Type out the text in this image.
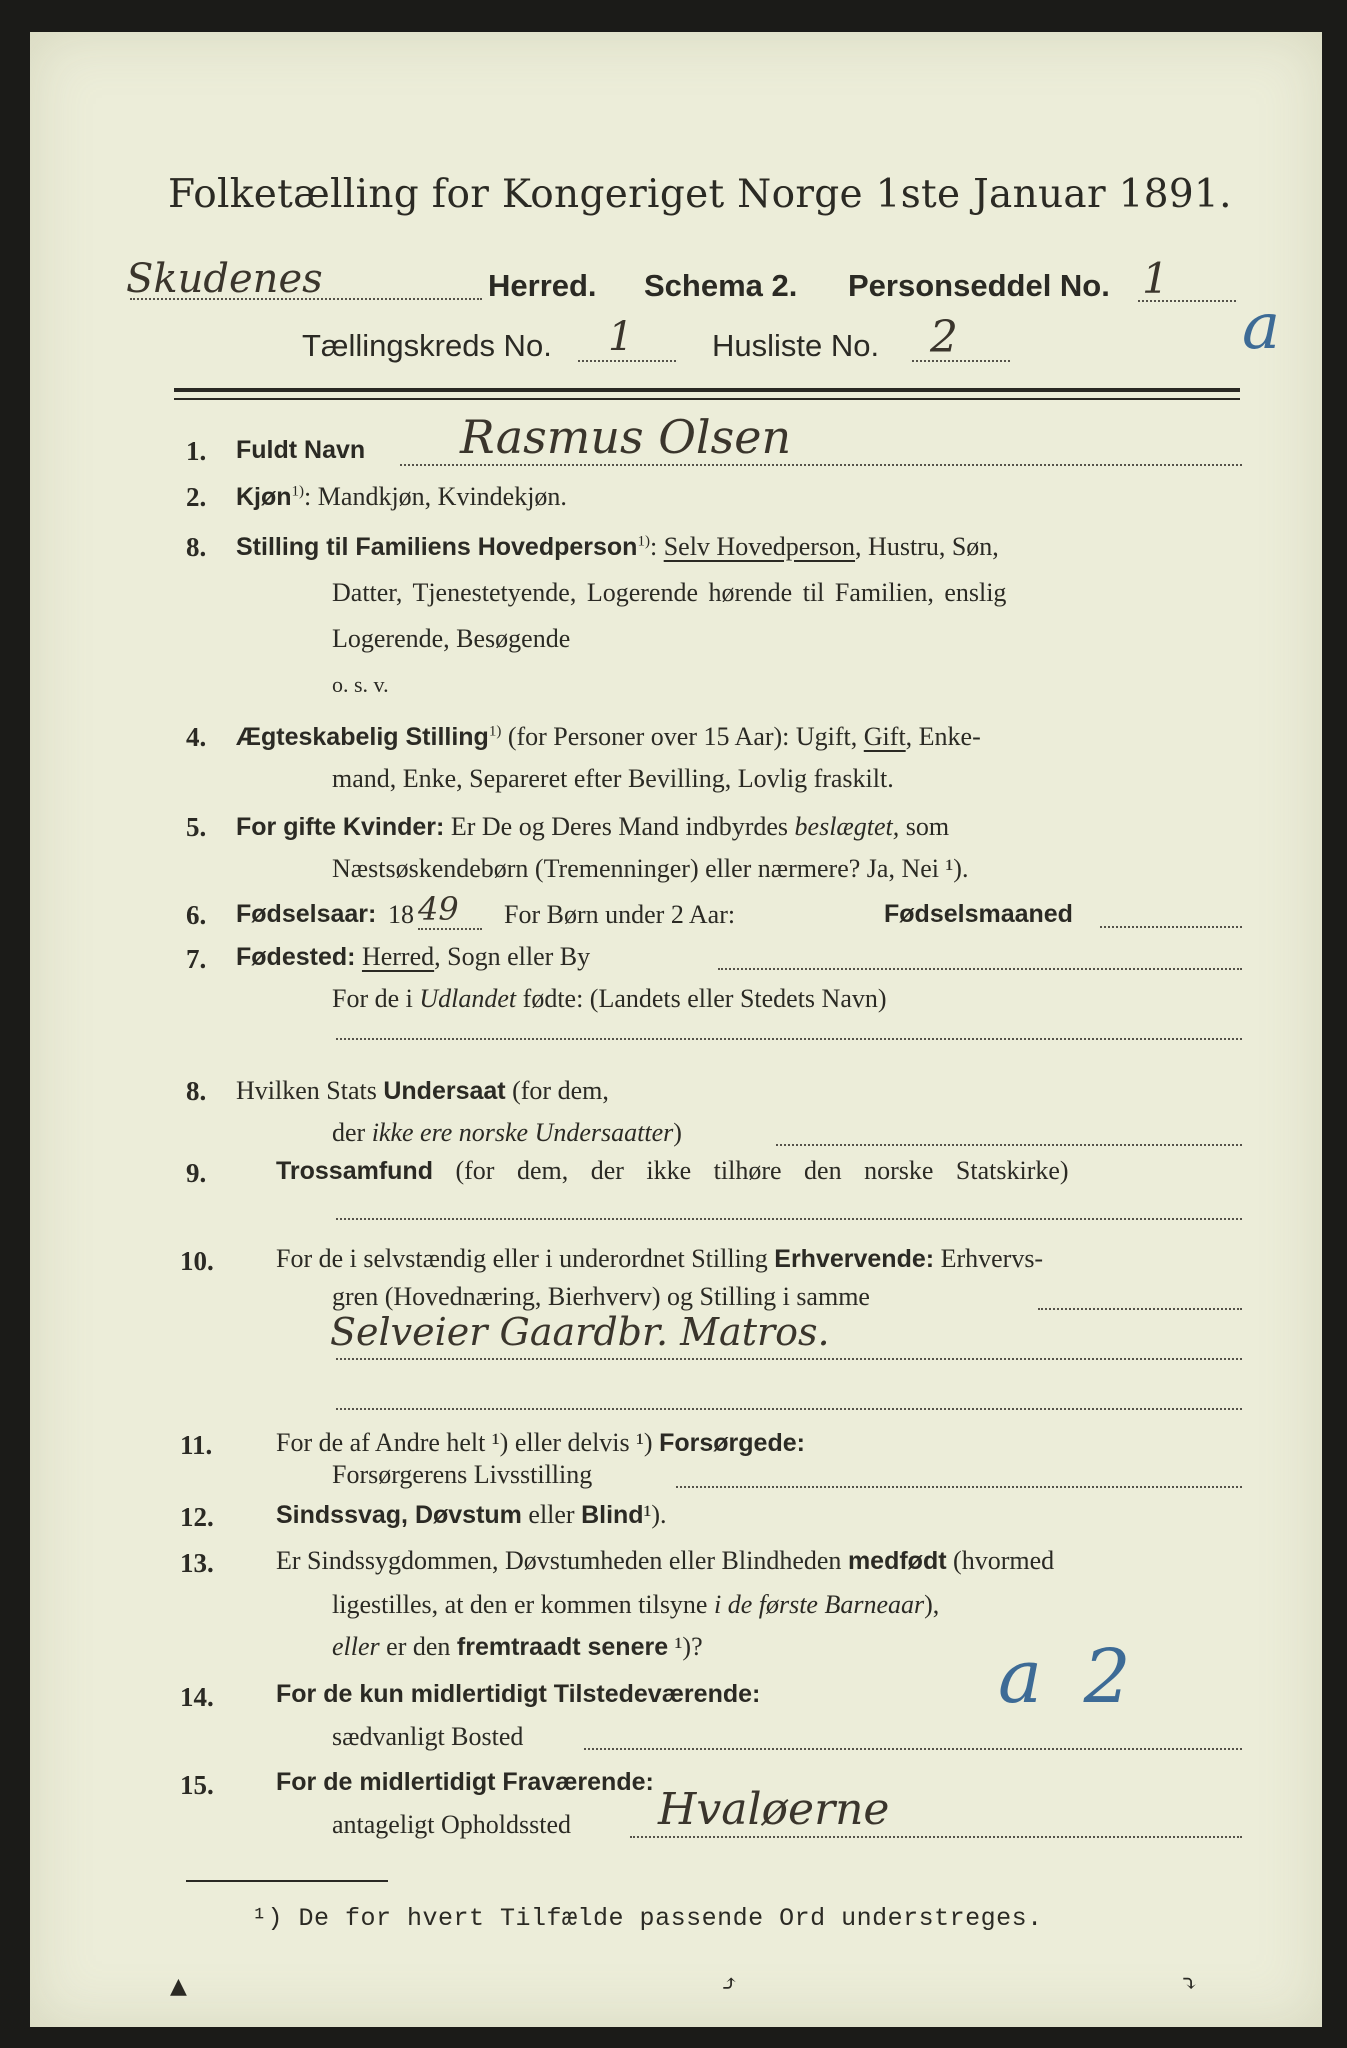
Folketælling for Kongeriget Norge 1ste Januar 1891.
Skudenes	Herred. Schema 2. Personseddel No. 1
Tællingskreds No. 1	Husliste No. 2	a
1. Fuldt Navn Rasmus Olsen
2. Kjøn$^{1)}$: Mandkjøn, Kvindekjøn.
8. Stilling til Familiens Hovedperson$^{1)}$: Selv Hovedperson, Hustru, Søn,
Datter, Tjenestetyende, Logerende hørende til Familien, enslig
Logerende, Besøgende
o. s. v.
4. Ægteskabelig Stilling$^{1)}$ (for Personer over 15 Aar): Ugift, Gift, Enke-
mand, Enke, Separeret efter Bevilling, Lovlig fraskilt.
5. For gifte Kvinder: Er De og Deres Mand indbyrdes beslægtet, som
Næstsøskendebørn (Tremenninger) eller nærmere? Ja, Nei ¹).
6. Fødselsaar: 18 49 For Børn under 2 Aar:	Fødselsmaaned
7. Fødested: Herred, Sogn eller By
For de i Udlandet fødte: (Landets eller Stedets Navn)
8. Hvilken Stats Undersaat (for dem,
der ikke ere norske Undersaatter)
9.	Trossamfund (for dem, der ikke tilhøre den norske Statskirke)
10. For de i selvstændig eller i underordnet Stilling Erhvervende: Erhvervs-
gren (Hovednæring, Bierhverv) og Stilling i samme
Selveier Gaardbr. Matros.
11. For de af Andre helt ¹) eller delvis ¹) Forsørgede:
Forsørgerens Livsstilling
12. Sindssvag, Døvstum eller Blind¹).
13. Er Sindssygdommen, Døvstumheden eller Blindheden medfødt (hvormed
ligestilles, at den er kommen tilsyne i de første Barneaar),
eller er den fremtraadt senere ¹)?
14. For de kun midlertidigt Tilstedeværende:	a 2
sædvanligt Bosted
15. For de midlertidigt Fraværende:
antageligt Opholdssted Hvaløerne
¹) De for hvert Tilfælde passende Ord understreges.
▲	⤴	⤵
